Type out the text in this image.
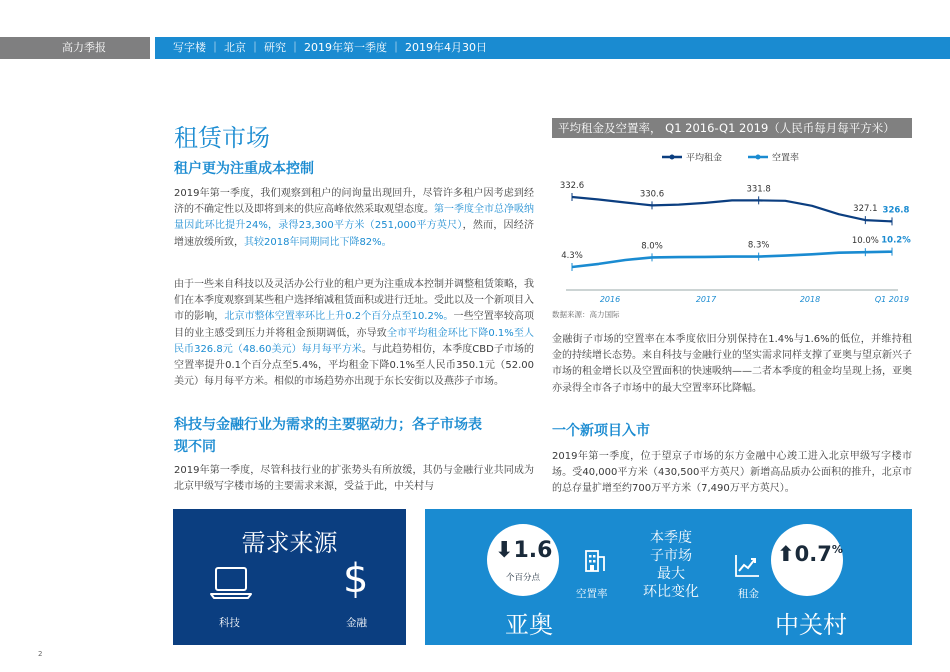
高力季报	写字楼 ｜ 北京 ｜ 研究 ｜ 2019年第一季度 ｜ 2019年4月30日
租赁市场
租户更为注重成本控制
2019年第一季度，我们观察到租户的问询量出现回升，尽管许多租户因考虑到经济的不确定性以及即将到来的供应高峰依然采取观望态度。第一季度全市总净吸纳量因此环比提升24%，录得23,300平方米（251,000平方英尺），然而，因经济增速放缓所致，其较2018年同期同比下降82%。
由于一些来自科技以及灵活办公行业的租户更为注重成本控制并调整租赁策略，我们在本季度观察到某些租户选择缩减租赁面积或进行迁址。受此以及一个新项目入市的影响，北京市整体空置率环比上升0.2个百分点至10.2%。一些空置率较高项目的业主感受到压力并将租金预期调低，亦导致全市平均租金环比下降0.1%至人民币326.8元（48.60美元）每月每平方米。与此趋势相仿，本季度CBD子市场的空置率提升0.1个百分点至5.4%，平均租金下降0.1%至人民币350.1元（52.00美元）每月每平方米。相似的市场趋势亦出现于东长安街以及燕莎子市场。
科技与金融行业为需求的主要驱动力；各子市场表
现不同
2019年第一季度，尽管科技行业的扩张势头有所放缓，其仍与金融行业共同成为北京甲级写字楼市场的主要需求来源，受益于此，中关村与
平均租金及空置率， Q1 2016-Q1 2019（人民币每月每平方米）
平均租金	空置率
332.6
330.6
331.8
327.1 326.8
4.3%
8.0%	8.3%	10.0% 10.2%
2016	2017	2018	Q1 2019
数据来源：高力国际
金融街子市场的空置率在本季度依旧分别保持在1.4%与1.6%的低位，并维持租金的持续增长态势。来自科技与金融行业的坚实需求同样支撑了亚奥与望京新兴子市场的租金增长以及空置面积的快速吸纳——二者本季度的租金均呈现上扬，亚奥亦录得全市各子市场中的最大空置率环比降幅。
一个新项目入市
2019年第一季度，位于望京子市场的东方金融中心竣工进入北京甲级写字楼市场。受40,000平方米（430,500平方英尺）新增高品质办公面积的推升，北京市的总存量扩增至约700万平方米（7,490万平方英尺）。
需求来源
$
科技	金融
⬇1.6
个百分点
亚奥
空置率
本季度
子市场
最大
环比变化	租金
⬆0.7%
中关村
2
